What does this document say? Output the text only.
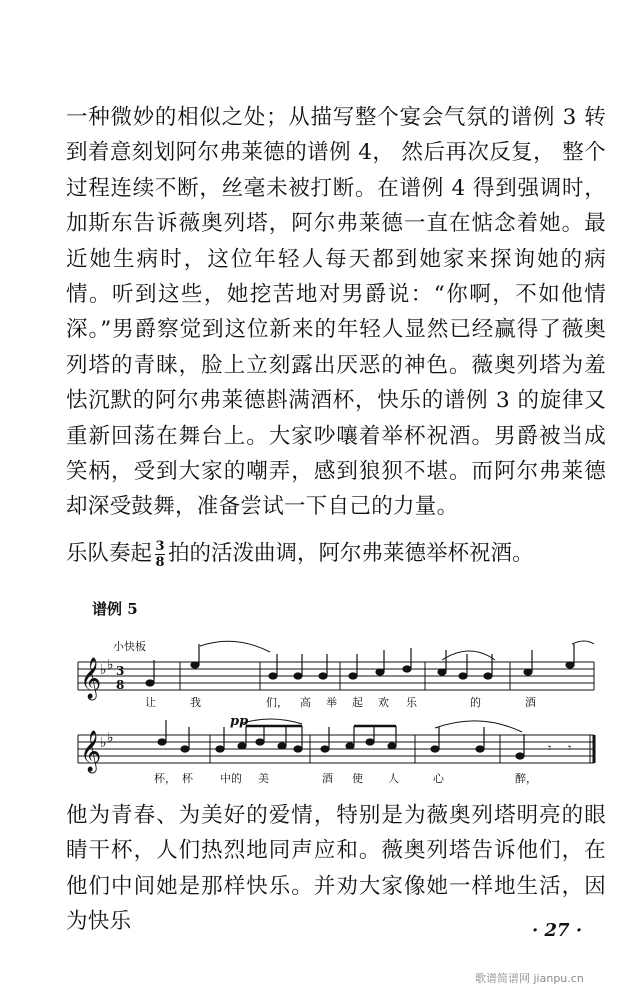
一种微妙的相似之处；从描写整个宴会气氛的谱例 3 转到着意刻划阿尔弗莱德的谱例 4， 然后再次反复， 整个过程连续不断，丝毫未被打断。在谱例 4 得到强调时，加斯东告诉薇奥列塔，阿尔弗莱德一直在惦念着她。最近她生病时，这位年轻人每天都到她家来探询她的病情。听到这些，她挖苦地对男爵说：“你啊，不如他情深。”男爵察觉到这位新来的年轻人显然已经赢得了薇奥列塔的青睐，脸上立刻露出厌恶的神色。薇奥列塔为羞怯沉默的阿尔弗莱德斟满酒杯，快乐的谱例 3 的旋律又重新回荡在舞台上。大家吵嚷着举杯祝酒。男爵被当成笑柄，受到大家的嘲弄，感到狼狈不堪。而阿尔弗莱德却深受鼓舞，准备尝试一下自己的力量。

乐队奏起 $\frac{3}{8}$ 拍的活泼曲调，阿尔弗莱德举杯祝酒。

谱例 5

小快板

𝄞
♭ ♭ 3
8
让	我	们， 高 举 起 欢 乐	的	酒
𝄞
♭ ♭
pp
𝄾 𝄾
杯， 杯 中的 美	酒 使 人	心	醉，

他为青春、为美好的爱情，特别是为薇奥列塔明亮的眼睛干杯，人们热烈地同声应和。薇奥列塔告诉他们，在他们中间她是那样快乐。并劝大家像她一样地生活，因为快乐	· 27 ·

歌谱简谱网 jianpu.cn
